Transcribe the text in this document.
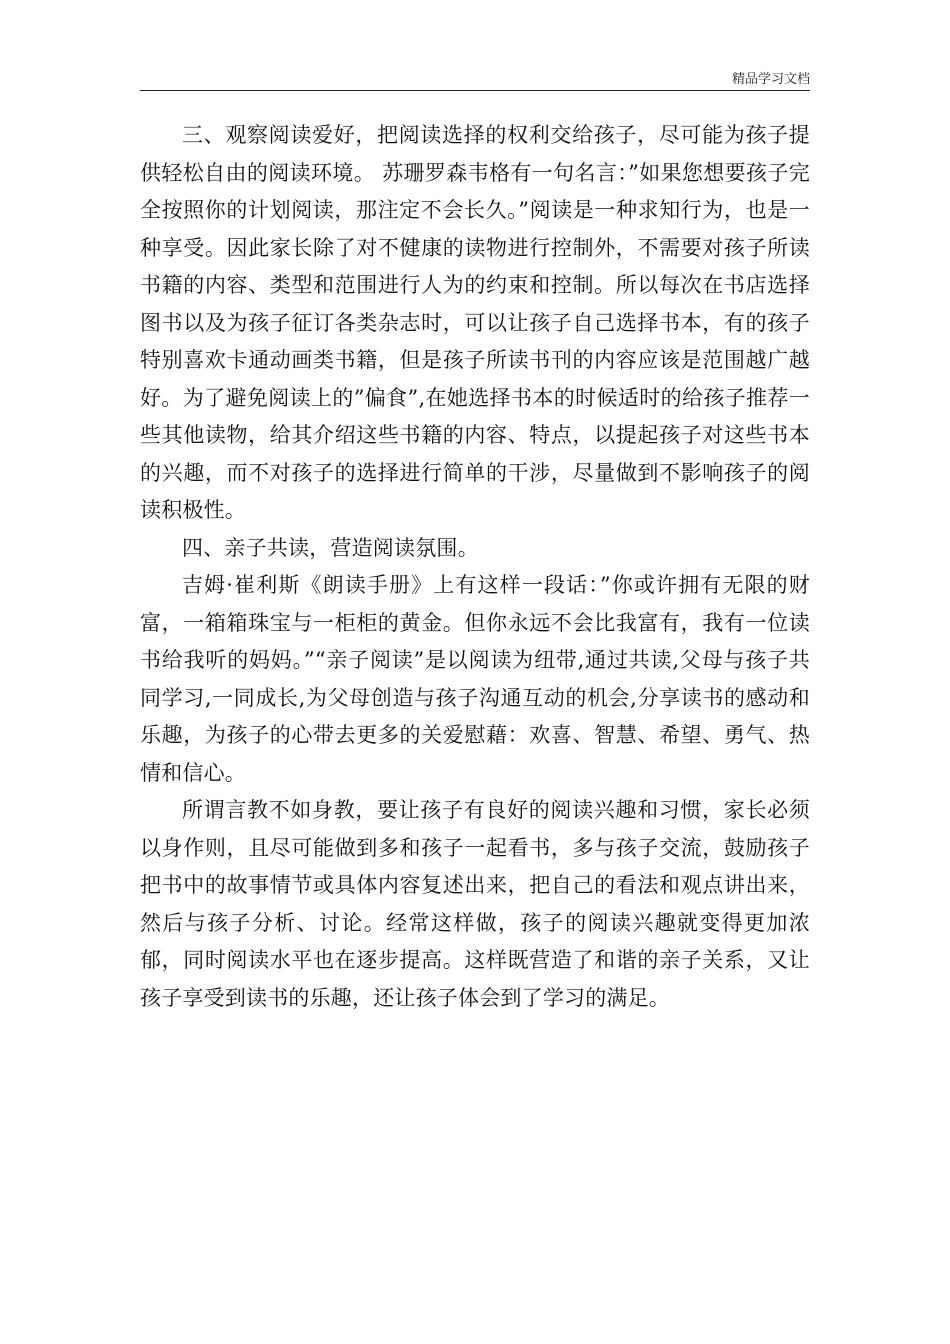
精品学习文档

三、观察阅读爱好，把阅读选择的权利交给孩子，尽可能为孩子提供轻松自由的阅读环境。 苏珊罗森韦格有一句名言：”如果您想要孩子完全按照你的计划阅读，那注定不会长久。”阅读是一种求知行为，也是一种享受。因此家长除了对不健康的读物进行控制外，不需要对孩子所读书籍的内容、类型和范围进行人为的约束和控制。所以每次在书店选择图书以及为孩子征订各类杂志时，可以让孩子自己选择书本，有的孩子特别喜欢卡通动画类书籍，但是孩子所读书刊的内容应该是范围越广越好。为了避免阅读上的”偏食”,在她选择书本的时候适时的给孩子推荐一些其他读物，给其介绍这些书籍的内容、特点，以提起孩子对这些书本的兴趣，而不对孩子的选择进行简单的干涉，尽量做到不影响孩子的阅读积极性。

四、亲子共读，营造阅读氛围。

吉姆·崔利斯《朗读手册》上有这样一段话：”你或许拥有无限的财富，一箱箱珠宝与一柜柜的黄金。但你永远不会比我富有，我有一位读书给我听的妈妈。”“亲子阅读”是以阅读为纽带,通过共读,父母与孩子共同学习,一同成长,为父母创造与孩子沟通互动的机会,分享读书的感动和乐趣，为孩子的心带去更多的关爱慰藉：欢喜、智慧、希望、勇气、热情和信心。

所谓言教不如身教，要让孩子有良好的阅读兴趣和习惯，家长必须以身作则，且尽可能做到多和孩子一起看书，多与孩子交流，鼓励孩子把书中的故事情节或具体内容复述出来，把自己的看法和观点讲出来，然后与孩子分析、讨论。经常这样做，孩子的阅读兴趣就变得更加浓郁，同时阅读水平也在逐步提高。这样既营造了和谐的亲子关系，又让孩子享受到读书的乐趣，还让孩子体会到了学习的满足。
